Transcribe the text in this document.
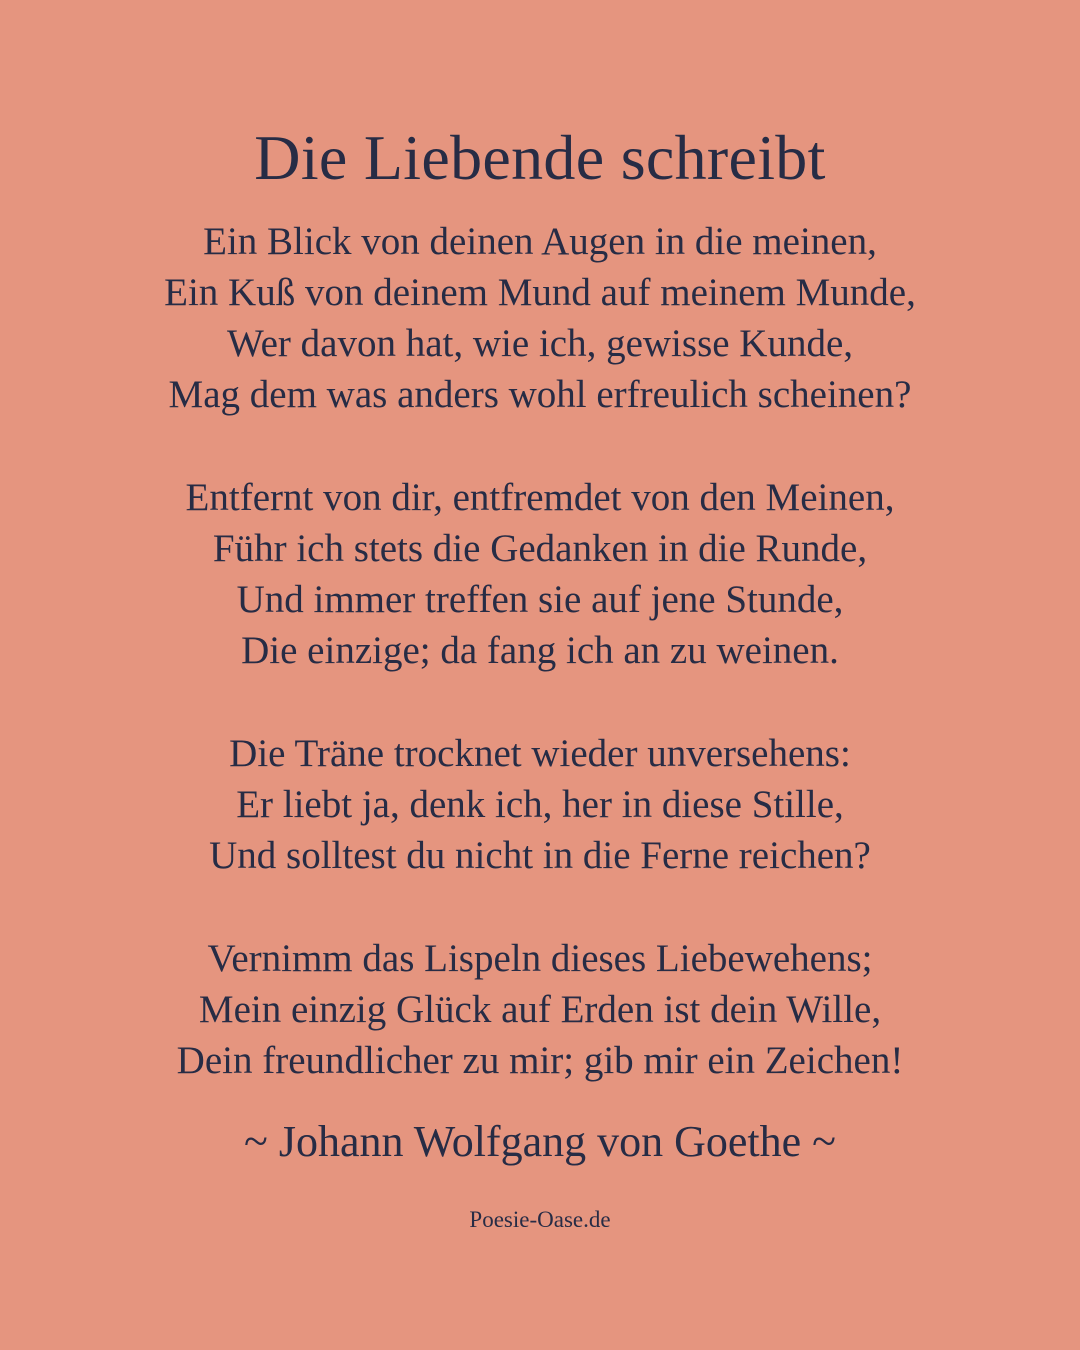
Die Liebende schreibt
Ein Blick von deinen Augen in die meinen,
Ein Kuß von deinem Mund auf meinem Munde,
Wer davon hat, wie ich, gewisse Kunde,
Mag dem was anders wohl erfreulich scheinen?
Entfernt von dir, entfremdet von den Meinen,
Führ ich stets die Gedanken in die Runde,
Und immer treffen sie auf jene Stunde,
Die einzige; da fang ich an zu weinen.
Die Träne trocknet wieder unversehens:
Er liebt ja, denk ich, her in diese Stille,
Und solltest du nicht in die Ferne reichen?
Vernimm das Lispeln dieses Liebewehens;
Mein einzig Glück auf Erden ist dein Wille,
Dein freundlicher zu mir; gib mir ein Zeichen!
~ Johann Wolfgang von Goethe ~
Poesie-Oase.de
